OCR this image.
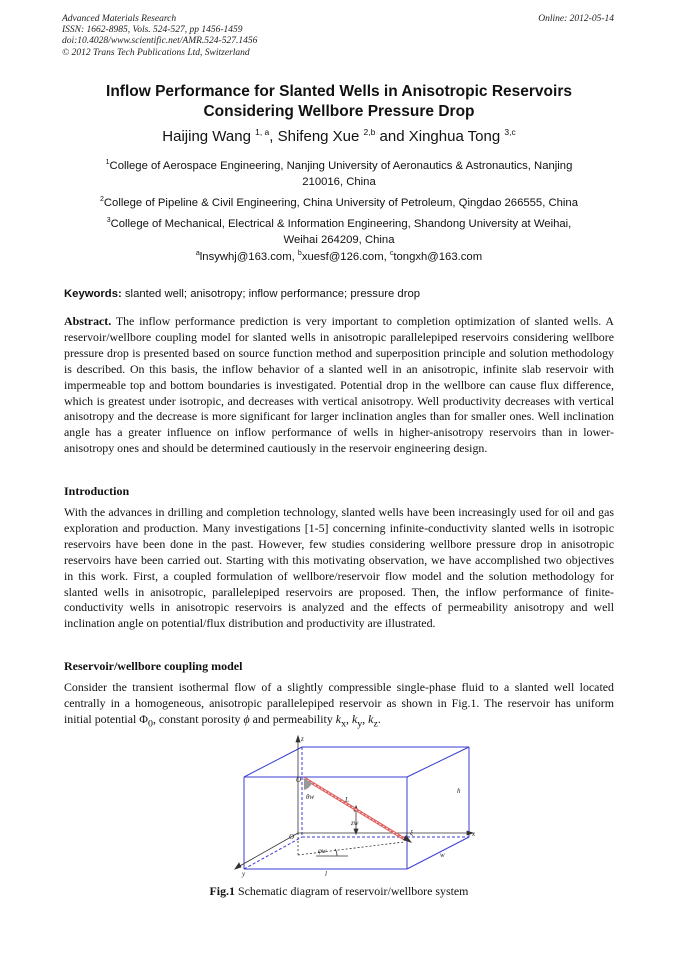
Advanced Materials Research
ISSN: 1662-8985, Vols. 524-527, pp 1456-1459
doi:10.4028/www.scientific.net/AMR.524-527.1456
© 2012 Trans Tech Publications Ltd, Switzerland
Online: 2012-05-14
Inflow Performance for Slanted Wells in Anisotropic Reservoirs
Considering Wellbore Pressure Drop
Haijing Wang $^{1, a}$, Shifeng Xue $^{2,b}$ and Xinghua Tong $^{3,c}$
$^1$College of Aerospace Engineering, Nanjing University of Aeronautics & Astronautics, Nanjing
210016, China
$^2$College of Pipeline & Civil Engineering, China University of Petroleum, Qingdao 266555, China
$^3$College of Mechanical, Electrical & Information Engineering, Shandong University at Weihai,
Weihai 264209, China
$^a$lnsywhj@163.com, $^b$xuesf@126.com, $^c$tongxh@163.com
Keywords: slanted well; anisotropy; inflow performance; pressure drop
Abstract. The inflow performance prediction is very important to completion optimization of slanted wells. A reservoir/wellbore coupling model for slanted wells in anisotropic parallelepiped reservoirs considering wellbore pressure drop is presented based on source function method and superposition principle and solution methodology is described. On this basis, the inflow behavior of a slanted well in an anisotropic, infinite slab reservoir with impermeable top and bottom boundaries is investigated. Potential drop in the wellbore can cause flux difference, which is greatest under isotropic, and decreases with vertical anisotropy. Well productivity decreases with vertical anisotropy and the decrease is more significant for larger inclination angles than for smaller ones. Well inclination angle has a greater influence on inflow performance of wells in higher-anisotropy reservoirs than in lower-anisotropy ones and should be determined cautiously in the reservoir engineering design.
Introduction
With the advances in drilling and completion technology, slanted wells have been increasingly used for oil and gas exploration and production. Many investigations [1-5] concerning infinite-conductivity slanted wells in isotropic reservoirs have been done in the past. However, few studies considering wellbore pressure drop in anisotropic reservoirs have been carried out. Starting with this motivating observation, we have accomplished two objectives in this work. First, a coupled formulation of wellbore/reservoir flow model and the solution methodology for slanted wells in anisotropic, parallelepiped reservoirs are proposed. Then, the inflow performance of finite-conductivity wells in anisotropic reservoirs is analyzed and the effects of permeability anisotropy and well inclination angle on potential/flux distribution and productivity are illustrated.
Reservoir/wellbore coupling model
Consider the transient isothermal flow of a slightly compressible single-phase fluid to a slanted well located centrally in a homogeneous, anisotropic parallelepiped reservoir as shown in Fig.1. The reservoir has uniform initial potential $\Phi_0$, constant porosity ϕ and permeability $k_x$, $k_y$, $k_z$.
z
O
θw	L
zw
ξ	x
h
O
φw	w
y	l
Fig.1 Schematic diagram of reservoir/wellbore system
